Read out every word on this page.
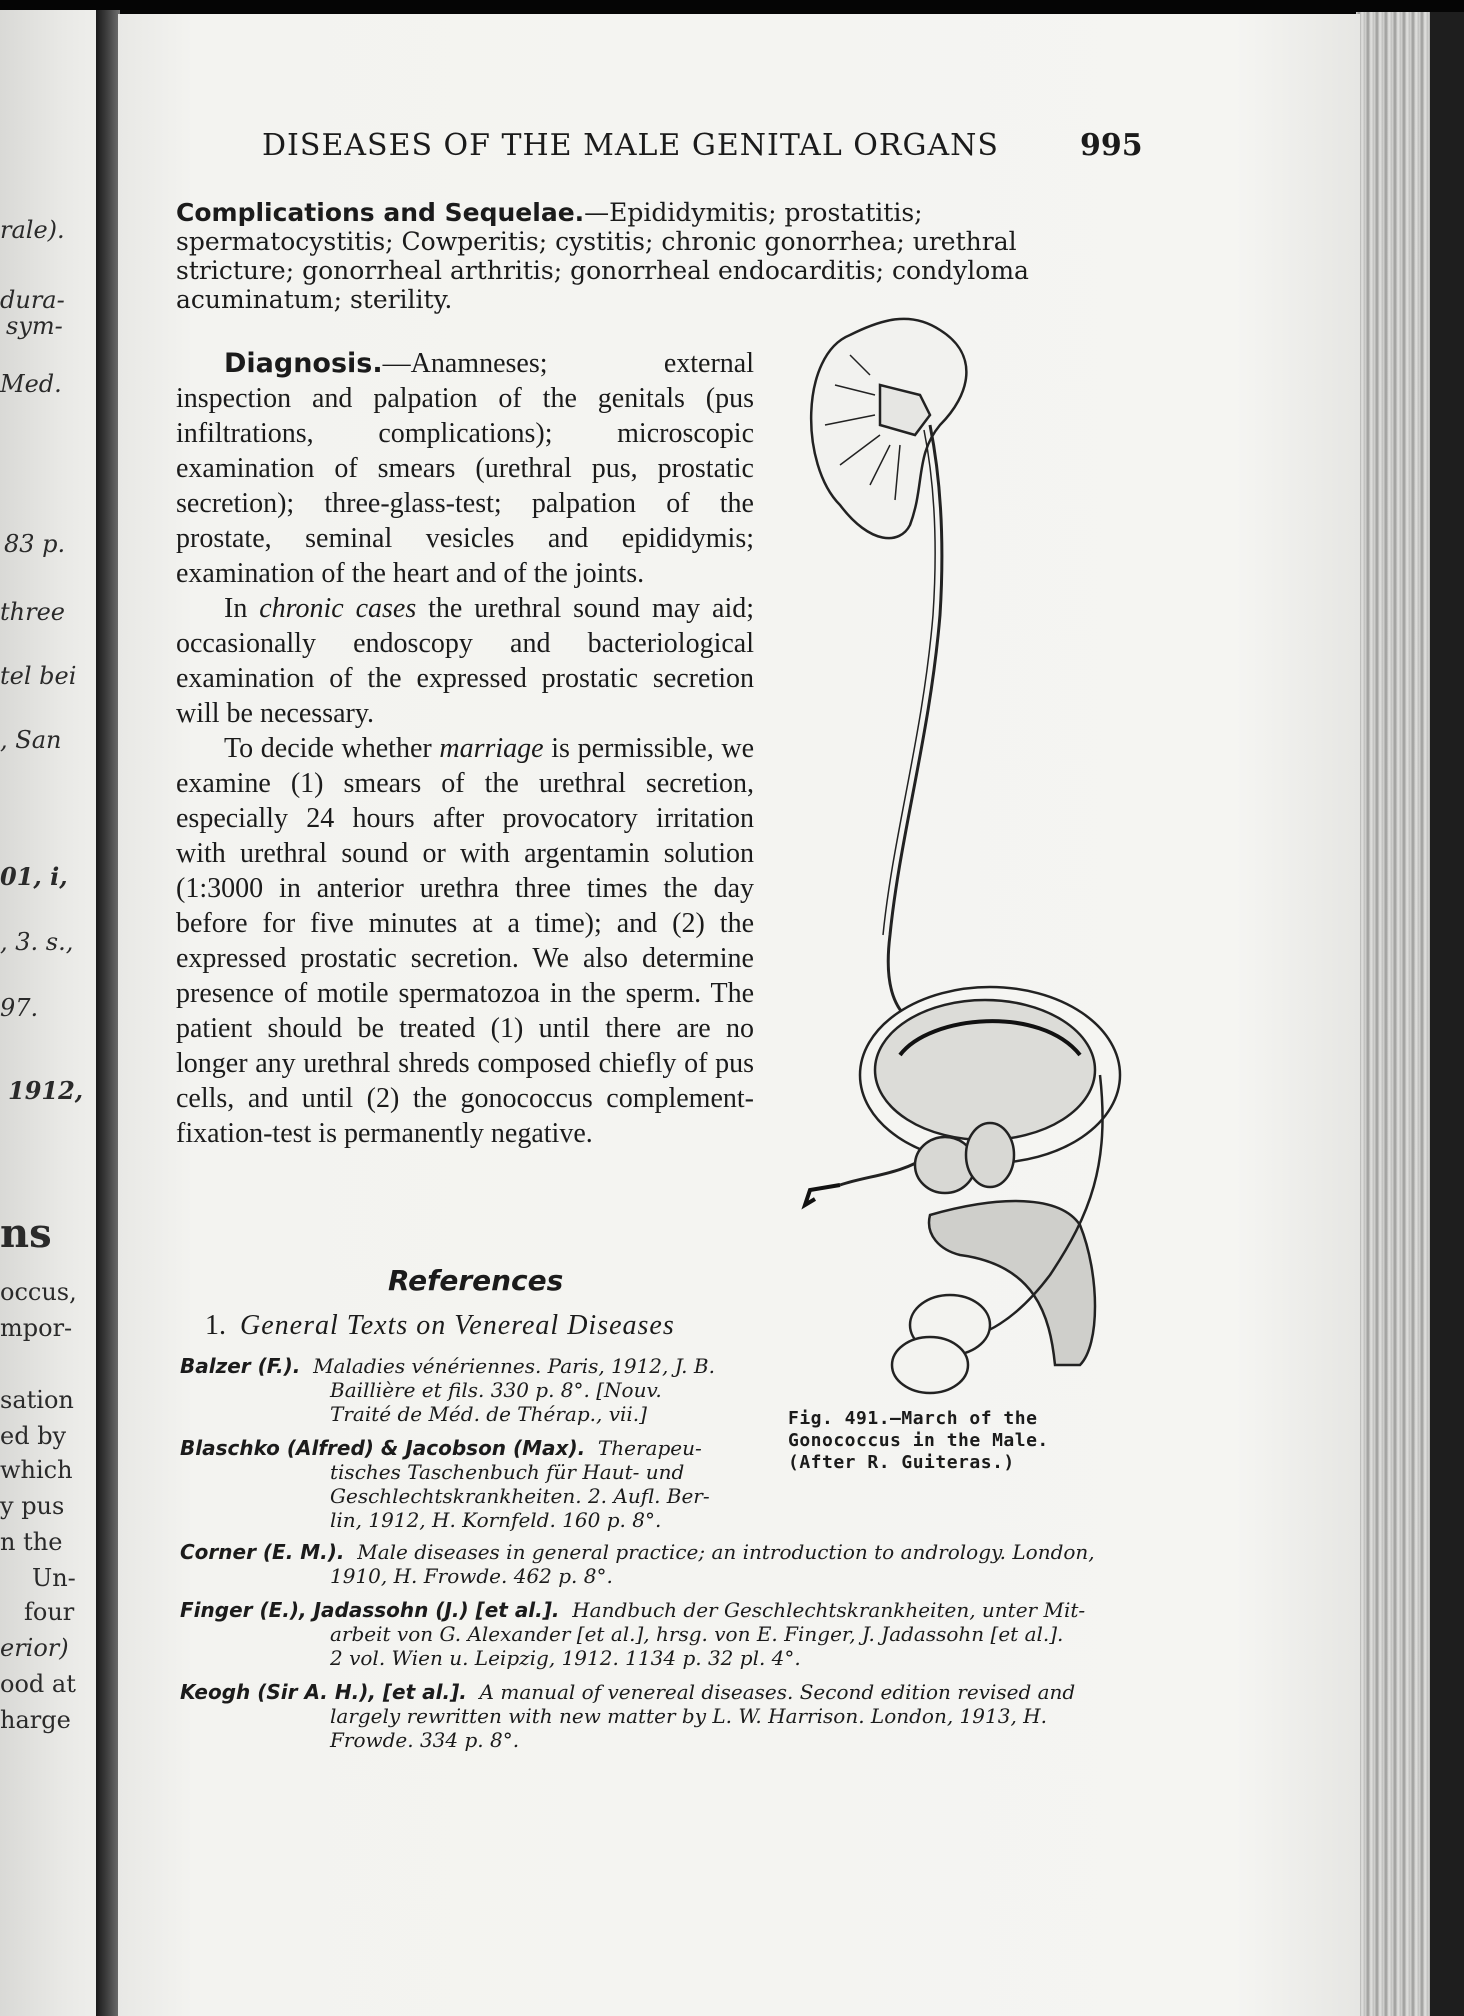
rale).
dura-
sym-
Med.
83 p.
three
tel bei
, San
01, i,
, 3. s.,
97.
1912,
ns
occus,
mpor-
sation
ed by
which
y pus
n the
Un-
four
erior)
ood at
harge
DISEASES OF THE MALE GENITAL ORGANS	995
Complications and Sequelae.—Epididymitis; prostatitis; spermatocystitis; Cowperitis; cystitis; chronic gonorrhea; urethral stricture; gonorrheal arthritis; gonorrheal endocarditis; condyloma acuminatum; sterility.

Diagnosis.—Anamneses; external inspection and palpation of the genitals (pus infiltrations, complications); microscopic examination of smears (urethral pus, prostatic secretion); three-glass-test; palpation of the prostate, seminal vesicles and epididymis; examination of the heart and of the joints.

In chronic cases the urethral sound may aid; occasionally endoscopy and bacteriological examination of the expressed prostatic secretion will be necessary.

To decide whether marriage is permissible, we examine (1) smears of the urethral secretion, especially 24 hours after provocatory irritation with urethral sound or with argentamin solution (1:3000 in anterior urethra three times the day before for five minutes at a time); and (2) the expressed prostatic secretion. We also determine presence of motile spermatozoa in the sperm. The patient should be treated (1) until there are no longer any urethral shreds composed chiefly of pus cells, and until (2) the gonococcus complement-fixation-test is permanently negative.

Fig. 491.—March of the Gonococcus in the Male. (After R. Guiteras.)
References
1. General Texts on Venereal Diseases
Balzer (F.). Maladies vénériennes. Paris, 1912, J. B.
Baillière et fils. 330 p. 8°. [Nouv.
Traité de Méd. de Thérap., vii.]
Blaschko (Alfred) & Jacobson (Max). Therapeu-
tisches Taschenbuch für Haut- und
Geschlechtskrankheiten. 2. Aufl. Ber-
lin, 1912, H. Kornfeld. 160 p. 8°.
Corner (E. M.). Male diseases in general practice; an introduction to andrology. London,
1910, H. Frowde. 462 p. 8°.
Finger (E.), Jadassohn (J.) [et al.]. Handbuch der Geschlechtskrankheiten, unter Mit-
arbeit von G. Alexander [et al.], hrsg. von E. Finger, J. Jadassohn [et al.].
2 vol. Wien u. Leipzig, 1912. 1134 p. 32 pl. 4°.
Keogh (Sir A. H.), [et al.]. A manual of venereal diseases. Second edition revised and
largely rewritten with new matter by L. W. Harrison. London, 1913, H.
Frowde. 334 p. 8°.
